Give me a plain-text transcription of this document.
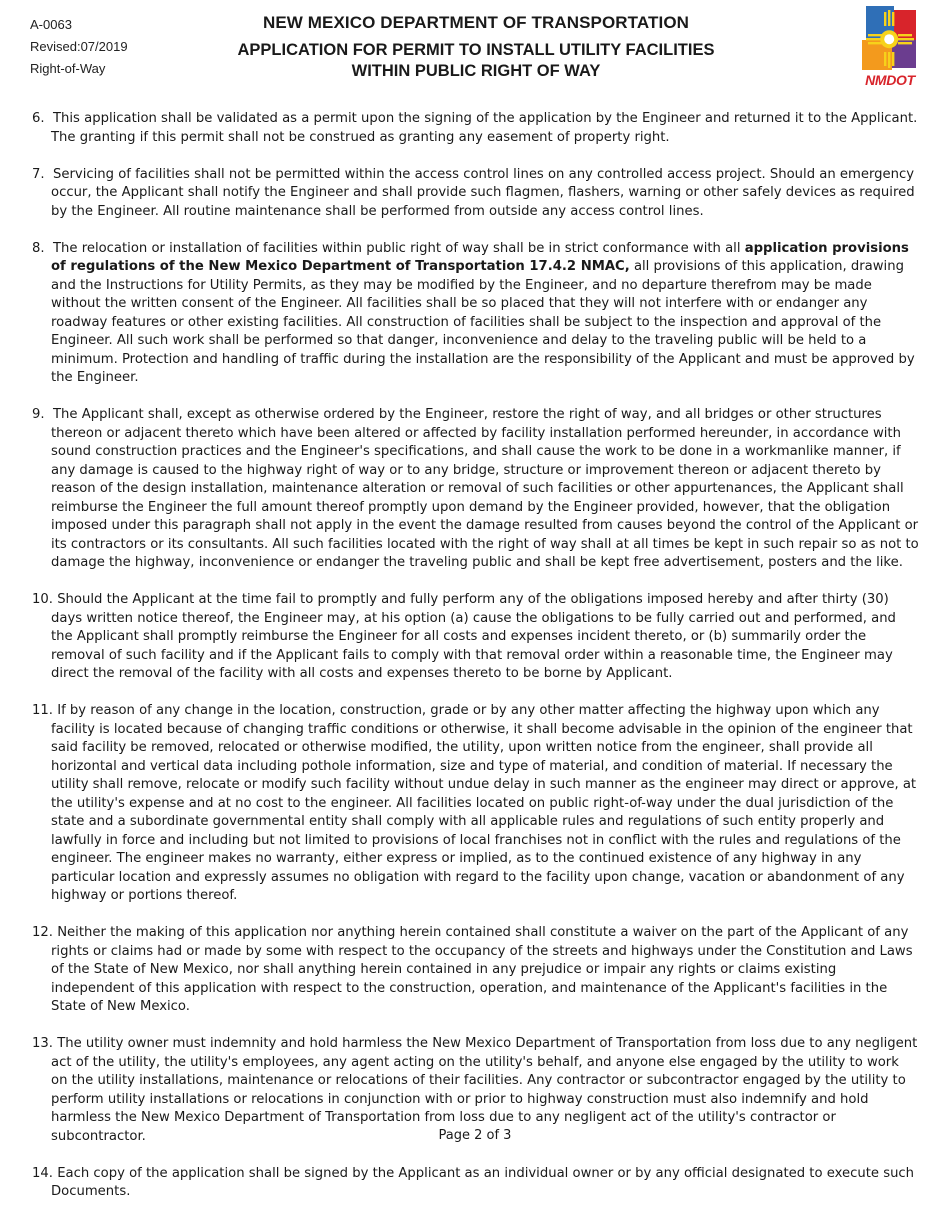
A-0063
Revised:07/2019
Right-of-Way
NEW MEXICO DEPARTMENT OF TRANSPORTATION
APPLICATION FOR PERMIT TO INSTALL UTILITY FACILITIES
WITHIN PUBLIC RIGHT OF WAY	NMDOT
6. This application shall be validated as a permit upon the signing of the application by the Engineer and returned it to the Applicant. The granting if this permit shall not be construed as granting any easement of property right.
7. Servicing of facilities shall not be permitted within the access control lines on any controlled access project. Should an emergency occur, the Applicant shall notify the Engineer and shall provide such flagmen, flashers, warning or other safely devices as required by the Engineer. All routine maintenance shall be performed from outside any access control lines.
8. The relocation or installation of facilities within public right of way shall be in strict conformance with all application provisions of regulations of the New Mexico Department of Transportation 17.4.2 NMAC, all provisions of this application, drawing and the Instructions for Utility Permits, as they may be modified by the Engineer, and no departure therefrom may be made without the written consent of the Engineer. All facilities shall be so placed that they will not interfere with or endanger any roadway features or other existing facilities. All construction of facilities shall be subject to the inspection and approval of the Engineer. All such work shall be performed so that danger, inconvenience and delay to the traveling public will be held to a minimum. Protection and handling of traffic during the installation are the responsibility of the Applicant and must be approved by the Engineer.
9. The Applicant shall, except as otherwise ordered by the Engineer, restore the right of way, and all bridges or other structures thereon or adjacent thereto which have been altered or affected by facility installation performed hereunder, in accordance with sound construction practices and the Engineer's specifications, and shall cause the work to be done in a workmanlike manner, if any damage is caused to the highway right of way or to any bridge, structure or improvement thereon or adjacent thereto by reason of the design installation, maintenance alteration or removal of such facilities or other appurtenances, the Applicant shall reimburse the Engineer the full amount thereof promptly upon demand by the Engineer provided, however, that the obligation imposed under this paragraph shall not apply in the event the damage resulted from causes beyond the control of the Applicant or its contractors or its consultants. All such facilities located with the right of way shall at all times be kept in such repair so as not to damage the highway, inconvenience or endanger the traveling public and shall be kept free advertisement, posters and the like.
10. Should the Applicant at the time fail to promptly and fully perform any of the obligations imposed hereby and after thirty (30) days written notice thereof, the Engineer may, at his option (a) cause the obligations to be fully carried out and performed, and the Applicant shall promptly reimburse the Engineer for all costs and expenses incident thereto, or (b) summarily order the removal of such facility and if the Applicant fails to comply with that removal order within a reasonable time, the Engineer may direct the removal of the facility with all costs and expenses thereto to be borne by Applicant.
11. If by reason of any change in the location, construction, grade or by any other matter affecting the highway upon which any facility is located because of changing traffic conditions or otherwise, it shall become advisable in the opinion of the engineer that said facility be removed, relocated or otherwise modified, the utility, upon written notice from the engineer, shall provide all horizontal and vertical data including pothole information, size and type of material, and condition of material. If necessary the utility shall remove, relocate or modify such facility without undue delay in such manner as the engineer may direct or approve, at the utility's expense and at no cost to the engineer. All facilities located on public right-of-way under the dual jurisdiction of the state and a subordinate governmental entity shall comply with all applicable rules and regulations of such entity properly and lawfully in force and including but not limited to provisions of local franchises not in conflict with the rules and regulations of the engineer. The engineer makes no warranty, either express or implied, as to the continued existence of any highway in any particular location and expressly assumes no obligation with regard to the facility upon change, vacation or abandonment of any highway or portions thereof.
12. Neither the making of this application nor anything herein contained shall constitute a waiver on the part of the Applicant of any rights or claims had or made by some with respect to the occupancy of the streets and highways under the Constitution and Laws of the State of New Mexico, nor shall anything herein contained in any prejudice or impair any rights or claims existing independent of this application with respect to the construction, operation, and maintenance of the Applicant's facilities in the State of New Mexico.
13. The utility owner must indemnity and hold harmless the New Mexico Department of Transportation from loss due to any negligent act of the utility, the utility's employees, any agent acting on the utility's behalf, and anyone else engaged by the utility to work on the utility installations, maintenance or relocations of their facilities. Any contractor or subcontractor engaged by the utility to perform utility installations or relocations in conjunction with or prior to highway construction must also indemnify and hold harmless the New Mexico Department of Transportation from loss due to any negligent act of the utility's contractor or subcontractor.
14. Each copy of the application shall be signed by the Applicant as an individual owner or by any official designated to execute such Documents.
Page 2 of 3
